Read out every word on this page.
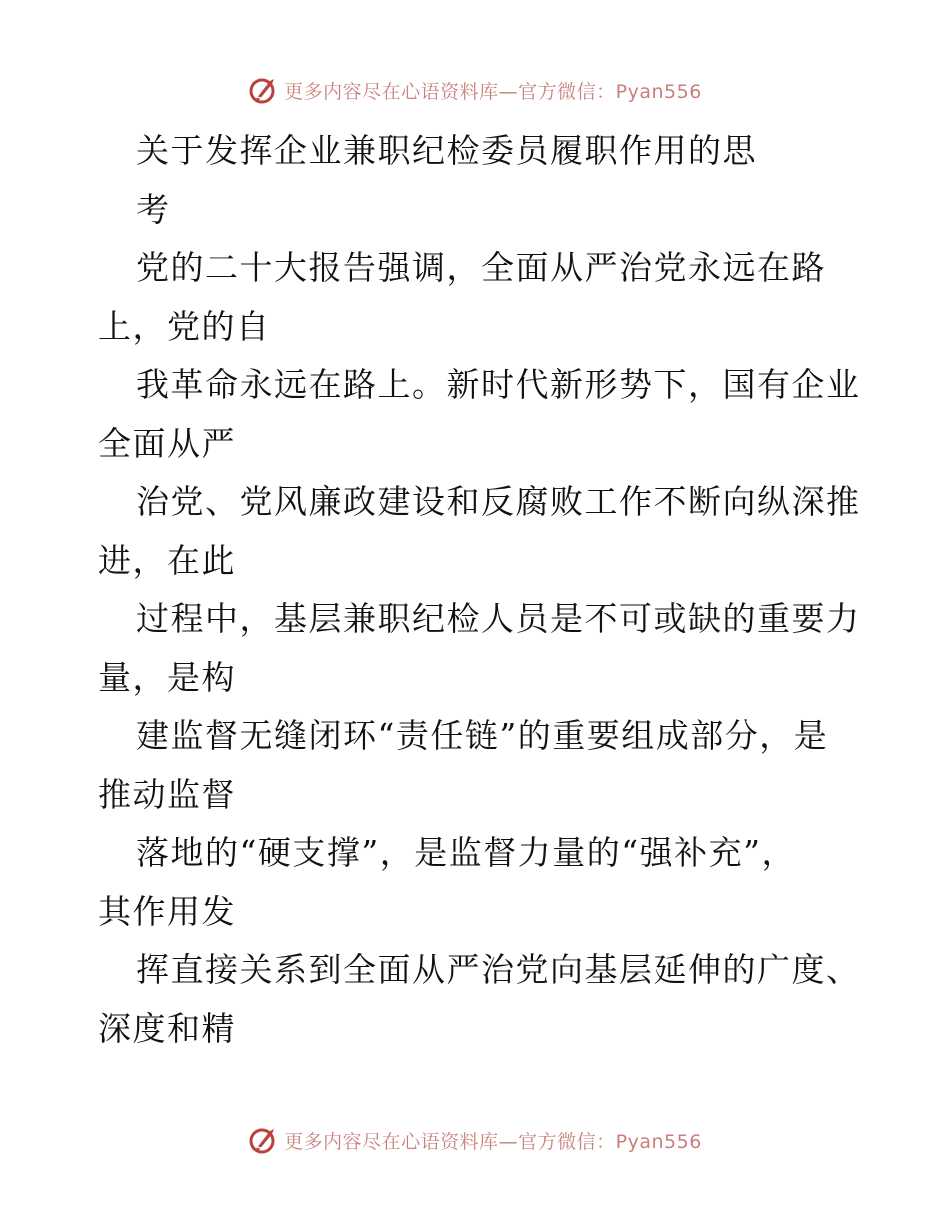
更多内容尽在心语资料库—官方微信：Pyan556
关于发挥企业兼职纪检委员履职作用的思
考
党的二十大报告强调，全面从严治党永远在路
上，党的自
我革命永远在路上。新时代新形势下，国有企业
全面从严
治党、党风廉政建设和反腐败工作不断向纵深推
进，在此
过程中，基层兼职纪检人员是不可或缺的重要力
量，是构
建监督无缝闭环“责任链”的重要组成部分，是
推动监督
落地的“硬支撑”，是监督力量的“强补充”，
其作用发
挥直接关系到全面从严治党向基层延伸的广度、
深度和精
更多内容尽在心语资料库—官方微信：Pyan556
